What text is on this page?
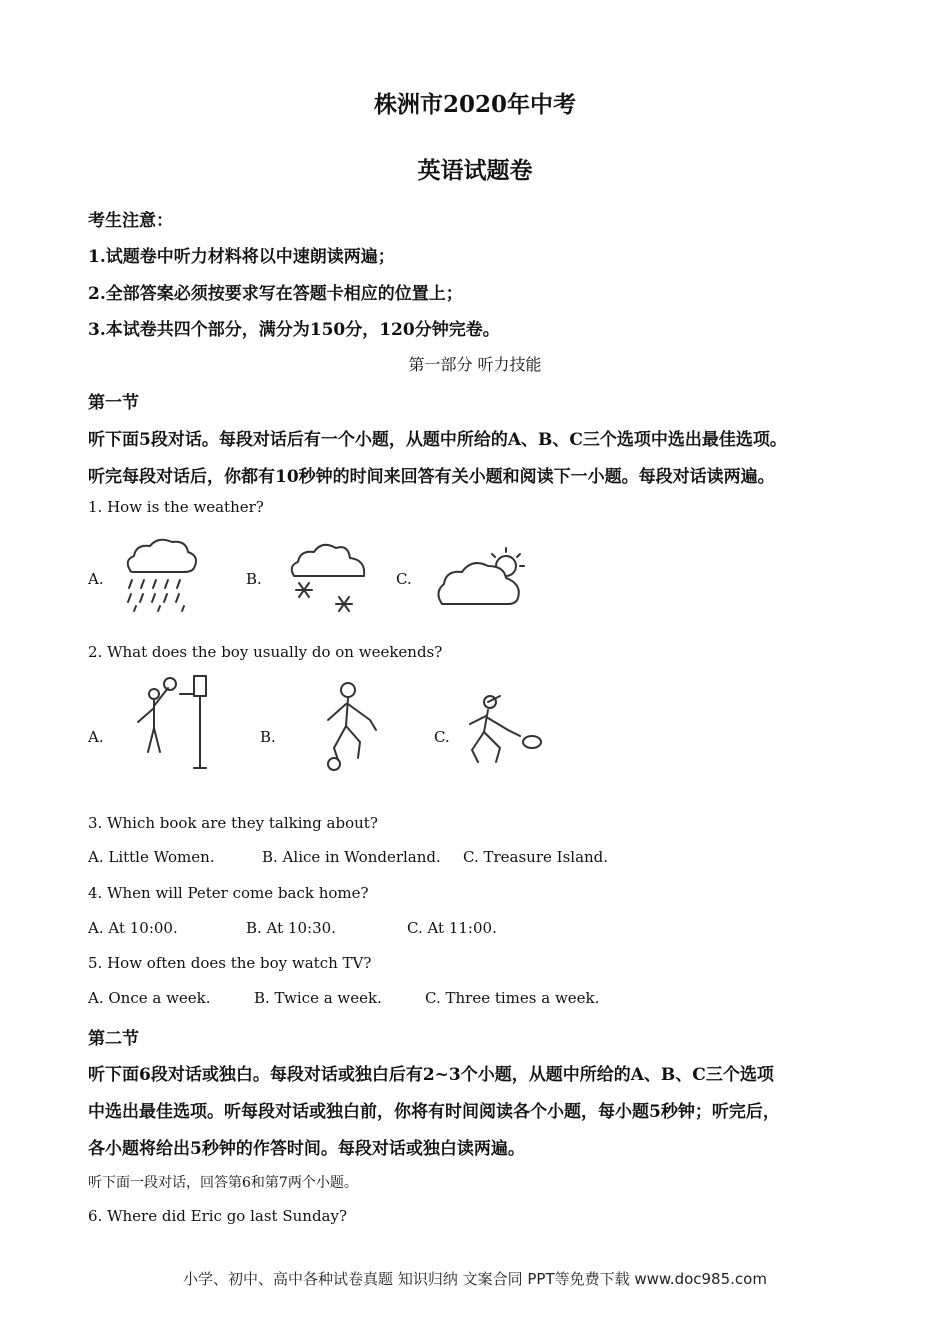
株洲市2020年中考
英语试题卷
考生注意：
1.试题卷中听力材料将以中速朗读两遍；
2.全部答案必须按要求写在答题卡相应的位置上；
3.本试卷共四个部分，满分为150分，120分钟完卷。
第一部分 听力技能
第一节
听下面5段对话。每段对话后有一个小题，从题中所给的A、B、C三个选项中选出最佳选项。
听完每段对话后，你都有10秒钟的时间来回答有关小题和阅读下一小题。每段对话读两遍。
1. How is the weather?
A.	B.	C.
2. What does the boy usually do on weekends?
A.	B.	C.
3. Which book are they talking about?
A. Little Women.	B. Alice in Wonderland. C. Treasure Island.
4. When will Peter come back home?
A. At 10:00.	B. At 10:30.	C. At 11:00.
5. How often does the boy watch TV?
A. Once a week.	B. Twice a week.	C. Three times a week.
第二节
听下面6段对话或独白。每段对话或独白后有2~3个小题，从题中所给的A、B、C三个选项
中选出最佳选项。听每段对话或独白前，你将有时间阅读各个小题，每小题5秒钟；听完后，
各小题将给出5秒钟的作答时间。每段对话或独白读两遍。
听下面一段对话，回答第6和第7两个小题。
6. Where did Eric go last Sunday?
小学、初中、高中各种试卷真题 知识归纳 文案合同 PPT等免费下载 www.doc985.com
